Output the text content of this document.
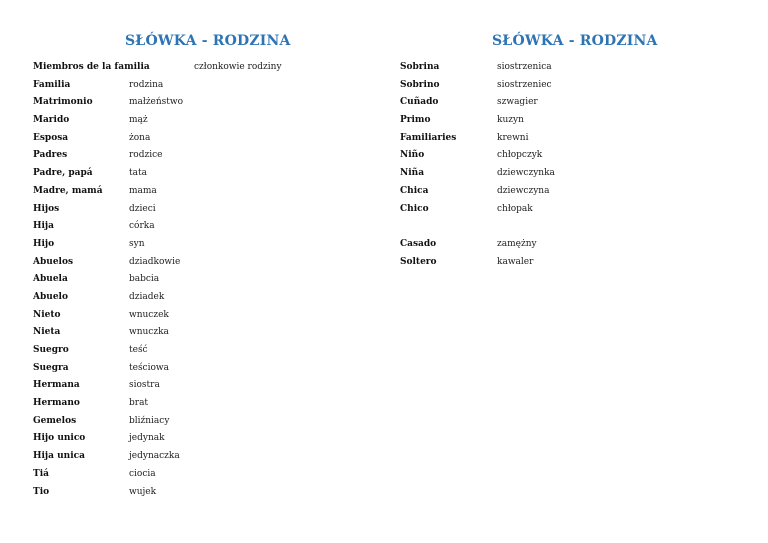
SŁÓWKA - RODZINA
Miembros de la familia	członkowie rodziny
Familia	rodzina
Matrimonio	małżeństwo
Marido	mąż
Esposa	żona
Padres	rodzice
Padre, papá	tata
Madre, mamá	mama
Hijos	dzieci
Hija	córka
Hijo	syn
Abuelos	dziadkowie
Abuela	babcia
Abuelo	dziadek
Nieto	wnuczek
Nieta	wnuczka
Suegro	teść
Suegra	teściowa
Hermana	siostra
Hermano	brat
Gemelos	bliźniacy
Hijo unico	jedynak
Hija unica	jedynaczka
Tiá	ciocia
Tio	wujek
SŁÓWKA - RODZINA
Sobrina	siostrzenica
Sobrino	siostrzeniec
Cuñado	szwagier
Primo	kuzyn
Familiaries	krewni
Niño	chłopczyk
Niña	dziewczynka
Chica	dziewczyna
Chico	chłopak
Casado	zamężny
Soltero	kawaler
